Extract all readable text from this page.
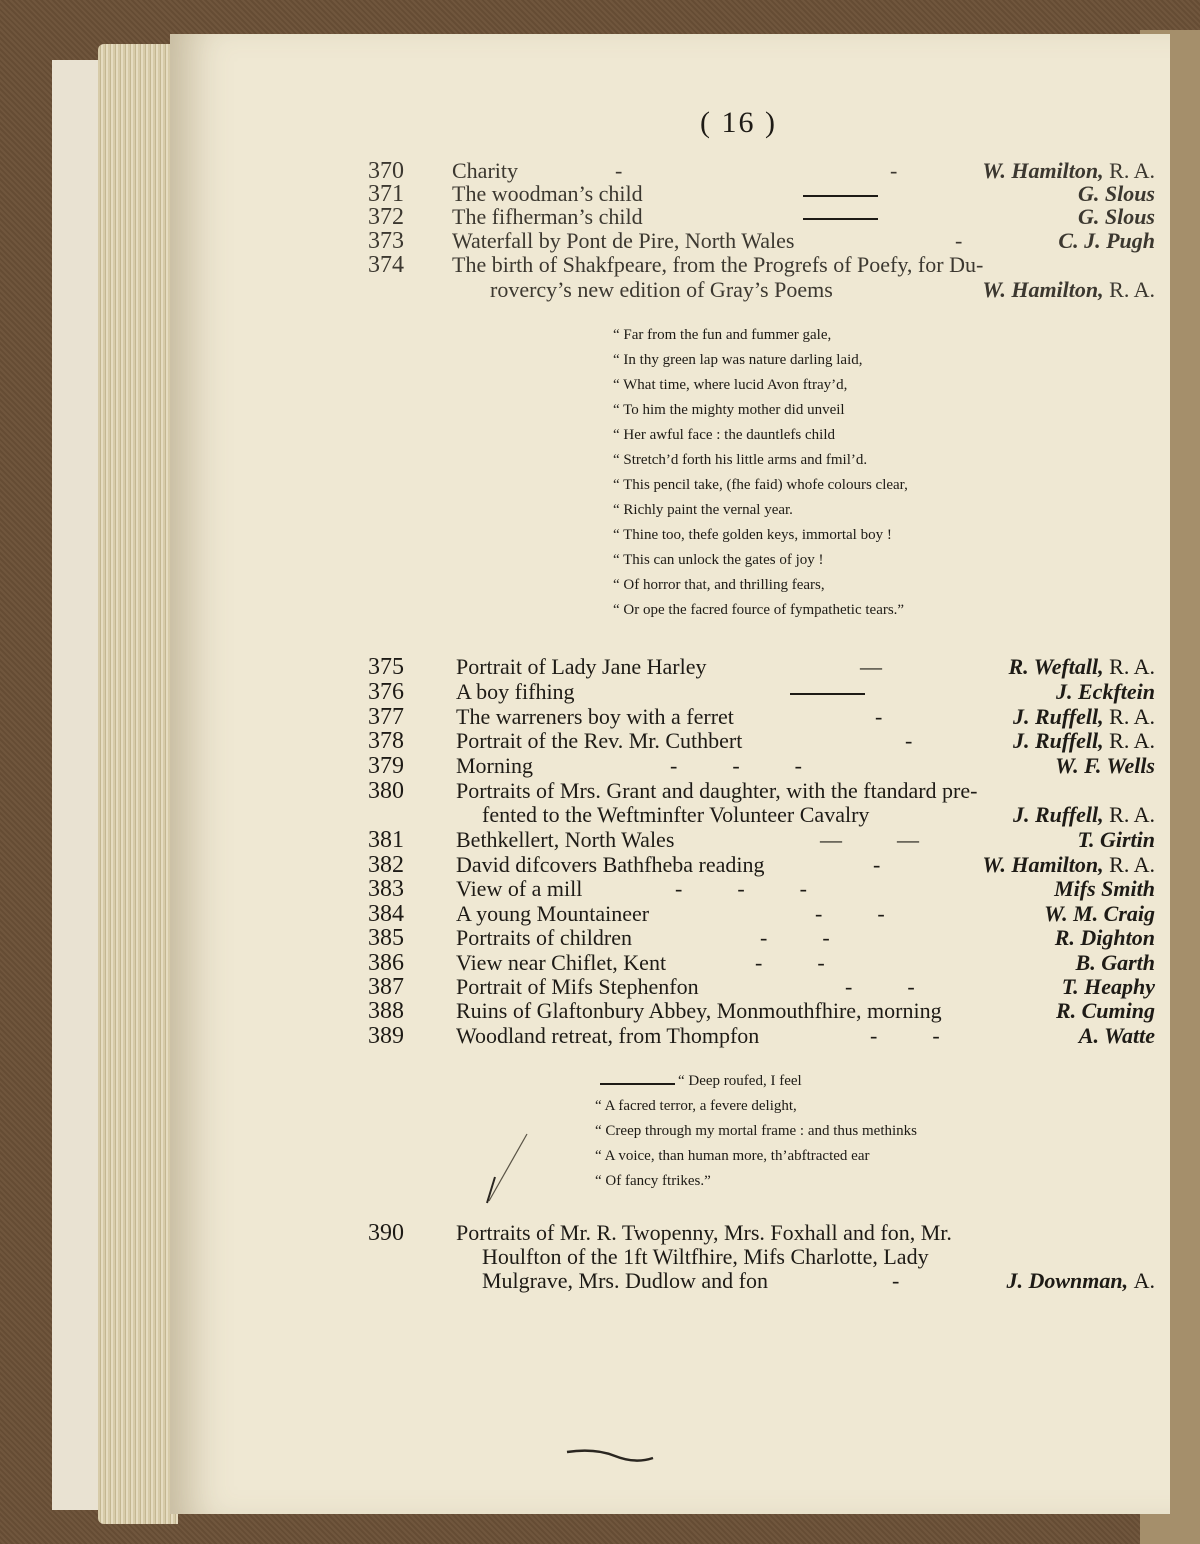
( 16 )
370 Charity	-	-	W. Hamilton, R. A.
371 The woodman’s child	G. Slous
372 The fifherman’s child	G. Slous
373 Waterfall by Pont de Pire, North Wales	-	C. J. Pugh
374 The birth of Shakfpeare, from the Progrefs of Poefy, for Du-
rovercy’s new edition of Gray’s Poems	W. Hamilton, R. A.
“ Far from the fun and fummer gale,
“ In thy green lap was nature darling laid,
“ What time, where lucid Avon ftray’d,
“ To him the mighty mother did unveil
“ Her awful face : the dauntlefs child
“ Stretch’d forth his little arms and fmil’d.
“ This pencil take, (fhe faid) whofe colours clear,
“ Richly paint the vernal year.
“ Thine too, thefe golden keys, immortal boy !
“ This can unlock the gates of joy !
“ Of horror that, and thrilling fears,
“ Or ope the facred fource of fympathetic tears.”
375 Portrait of Lady Jane Harley	—	R. Weftall, R. A.
376 A boy fifhing	J. Eckftein
377 The warreners boy with a ferret	-	J. Ruffell, R. A.
378 Portrait of the Rev. Mr. Cuthbert	-	J. Ruffell, R. A.
379 Morning	-          -          -	W. F. Wells
380 Portraits of Mrs. Grant and daughter, with the ftandard pre-
fented to the Weftminfter Volunteer Cavalry	J. Ruffell, R. A.
381 Bethkellert, North Wales	—          —	T. Girtin
382 David difcovers Bathfheba reading	-	W. Hamilton, R. A.
383 View of a mill	-          -          -	Mifs Smith
384 A young Mountaineer	-          -	W. M. Craig
385 Portraits of children	-          -	R. Dighton
386 View near Chiflet, Kent	-          -	B. Garth
387 Portrait of Mifs Stephenfon	-          -	T. Heaphy
388 Ruins of Glaftonbury Abbey, Monmouthfhire, morning	R. Cuming
389 Woodland retreat, from Thompfon	-          -	A. Watte
“ Deep roufed, I feel
“ A facred terror, a fevere delight,
“ Creep through my mortal frame : and thus methinks
“ A voice, than human more, th’abftracted ear
“ Of fancy ftrikes.”
390 Portraits of Mr. R. Twopenny, Mrs. Foxhall and fon, Mr.
Houlfton of the 1ft Wiltfhire, Mifs Charlotte, Lady
Mulgrave, Mrs. Dudlow and fon	-	J. Downman, A.
